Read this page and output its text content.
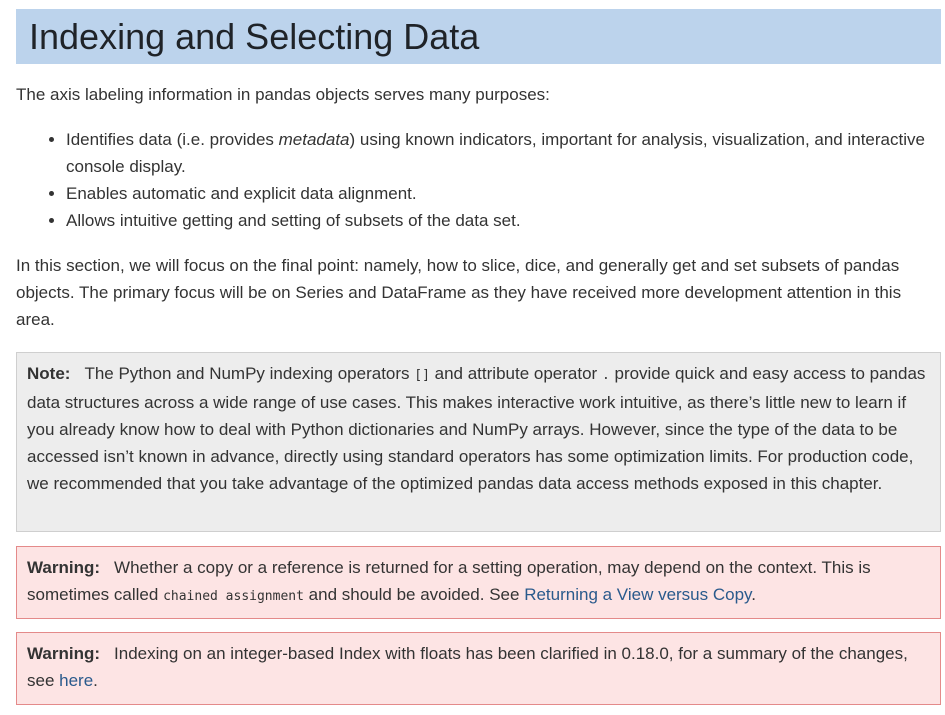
Indexing and Selecting Data

The axis labeling information in pandas objects serves many purposes:

• Identifies data (i.e. provides metadata) using known indicators, important for analysis, visualization, and interactive console display.
• Enables automatic and explicit data alignment.
• Allows intuitive getting and setting of subsets of the data set.

In this section, we will focus on the final point: namely, how to slice, dice, and generally get and set subsets of pandas objects. The primary focus will be on Series and DataFrame as they have received more development attention in this area.

Note: The Python and NumPy indexing operators [] and attribute operator . provide quick and easy access to pandas data structures across a wide range of use cases. This makes interactive work intuitive, as there’s little new to learn if you already know how to deal with Python dictionaries and NumPy arrays. However, since the type of the data to be accessed isn’t known in advance, directly using standard operators has some optimization limits. For production code, we recommended that you take advantage of the optimized pandas data access methods exposed in this chapter.

Warning: Whether a copy or a reference is returned for a setting operation, may depend on the context. This is sometimes called chained assignment and should be avoided. See Returning a View versus Copy.

Warning: Indexing on an integer-based Index with floats has been clarified in 0.18.0, for a summary of the changes, see here.
